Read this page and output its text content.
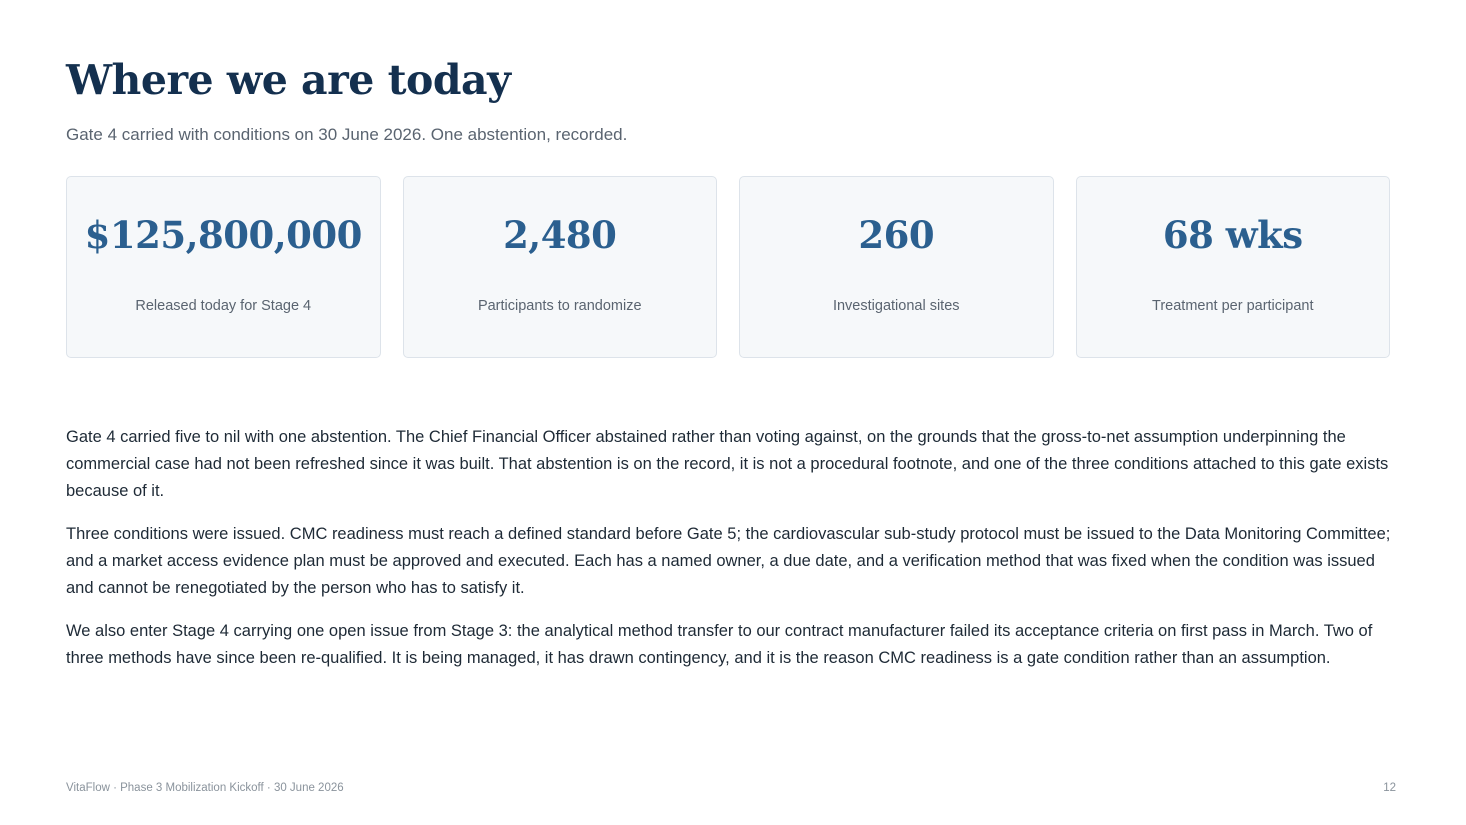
Where we are today

Gate 4 carried with conditions on 30 June 2026. One abstention, recorded.

$125,800,000
Released today for Stage 4
2,480
Participants to randomize
260
Investigational sites
68 wks
Treatment per participant

Gate 4 carried five to nil with one abstention. The Chief Financial Officer abstained rather than voting against, on the grounds that the gross-to-net assumption underpinning the commercial case had not been refreshed since it was built. That abstention is on the record, it is not a procedural footnote, and one of the three conditions attached to this gate exists because of it.

Three conditions were issued. CMC readiness must reach a defined standard before Gate 5; the cardiovascular sub-study protocol must be issued to the Data Monitoring Committee; and a market access evidence plan must be approved and executed. Each has a named owner, a due date, and a verification method that was fixed when the condition was issued and cannot be renegotiated by the person who has to satisfy it.

We also enter Stage 4 carrying one open issue from Stage 3: the analytical method transfer to our contract manufacturer failed its acceptance criteria on first pass in March. Two of three methods have since been re-qualified. It is being managed, it has drawn contingency, and it is the reason CMC readiness is a gate condition rather than an assumption.

VitaFlow · Phase 3 Mobilization Kickoff · 30 June 2026	12
